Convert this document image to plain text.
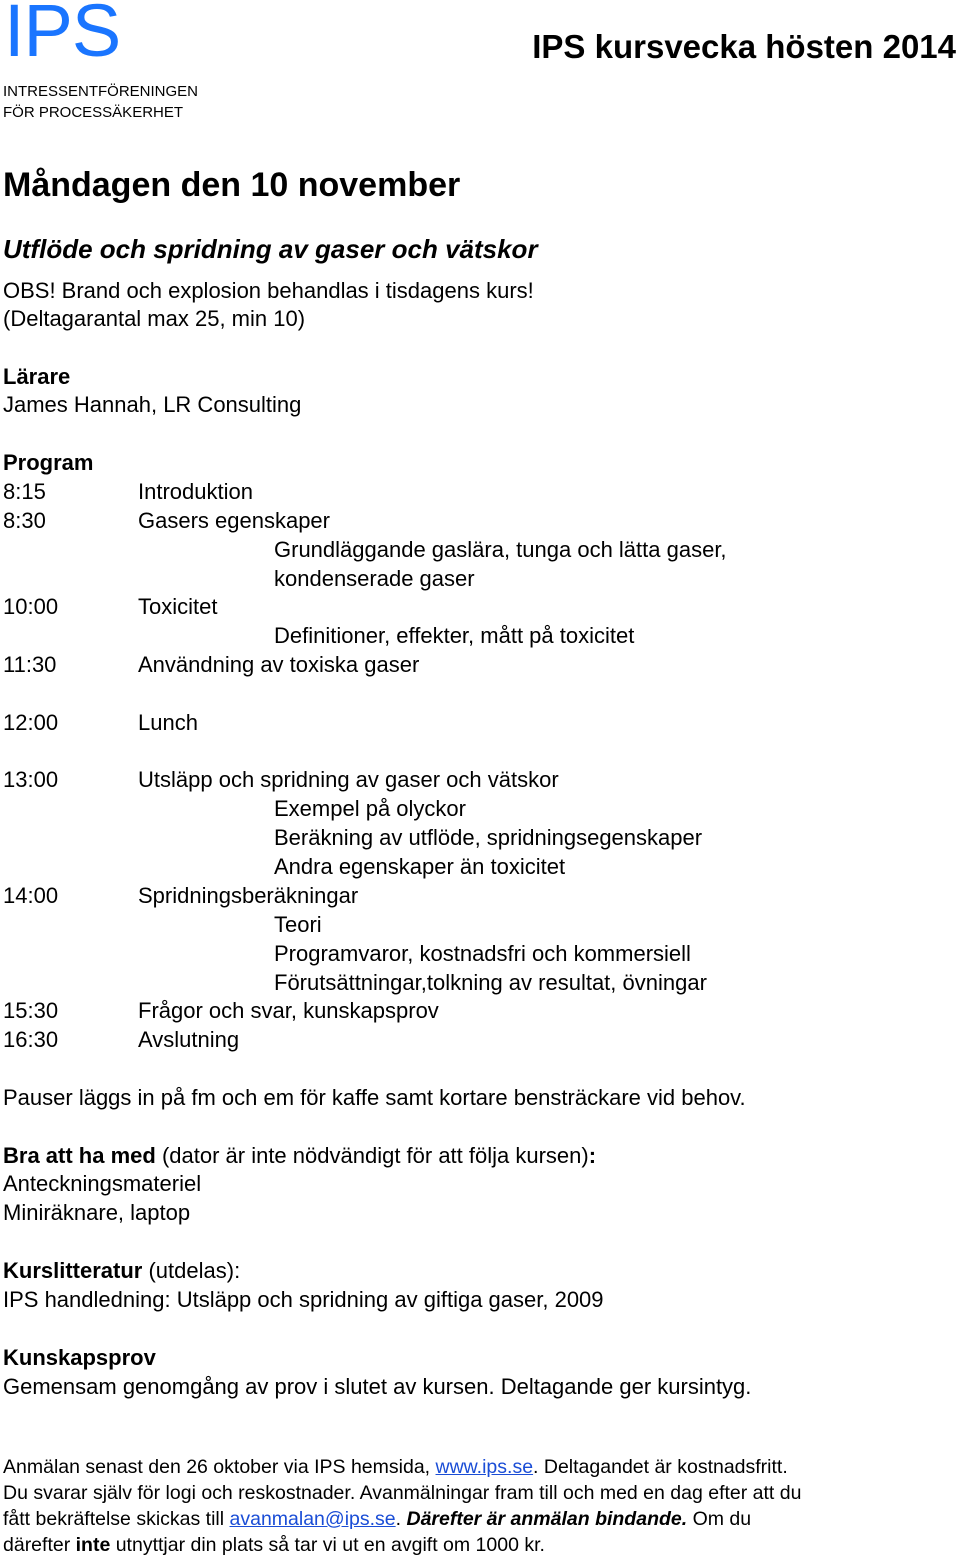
IPS
INTRESSENTFÖRENINGEN
FÖR PROCESSÄKERHET
IPS kursvecka hösten 2014
Måndagen den 10 november
Utflöde och spridning av gaser och vätskor
OBS! Brand och explosion behandlas i tisdagens kurs!
(Deltagarantal max 25, min 10)
Lärare
James Hannah, LR Consulting
Program
8:15	Introduktion
8:30	Gasers egenskaper
Grundläggande gaslära, tunga och lätta gaser,
kondenserade gaser
10:00	Toxicitet
Definitioner, effekter, mått på toxicitet
11:30	Användning av toxiska gaser
12:00	Lunch
13:00	Utsläpp och spridning av gaser och vätskor
Exempel på olyckor
Beräkning av utflöde, spridningsegenskaper
Andra egenskaper än toxicitet
14:00	Spridningsberäkningar
Teori
Programvaror, kostnadsfri och kommersiell
Förutsättningar,tolkning av resultat, övningar
15:30	Frågor och svar, kunskapsprov
16:30	Avslutning
Pauser läggs in på fm och em för kaffe samt kortare bensträckare vid behov.
Bra att ha med (dator är inte nödvändigt för att följa kursen):
Anteckningsmateriel
Miniräknare, laptop
Kurslitteratur (utdelas):
IPS handledning: Utsläpp och spridning av giftiga gaser, 2009
Kunskapsprov
Gemensam genomgång av prov i slutet av kursen. Deltagande ger kursintyg.
Anmälan senast den 26 oktober via IPS hemsida, www.ips.se. Deltagandet är kostnadsfritt.
Du svarar själv för logi och reskostnader. Avanmälningar fram till och med en dag efter att du
fått bekräftelse skickas till avanmalan@ips.se. Därefter är anmälan bindande. Om du
därefter inte utnyttjar din plats så tar vi ut en avgift om 1000 kr.
